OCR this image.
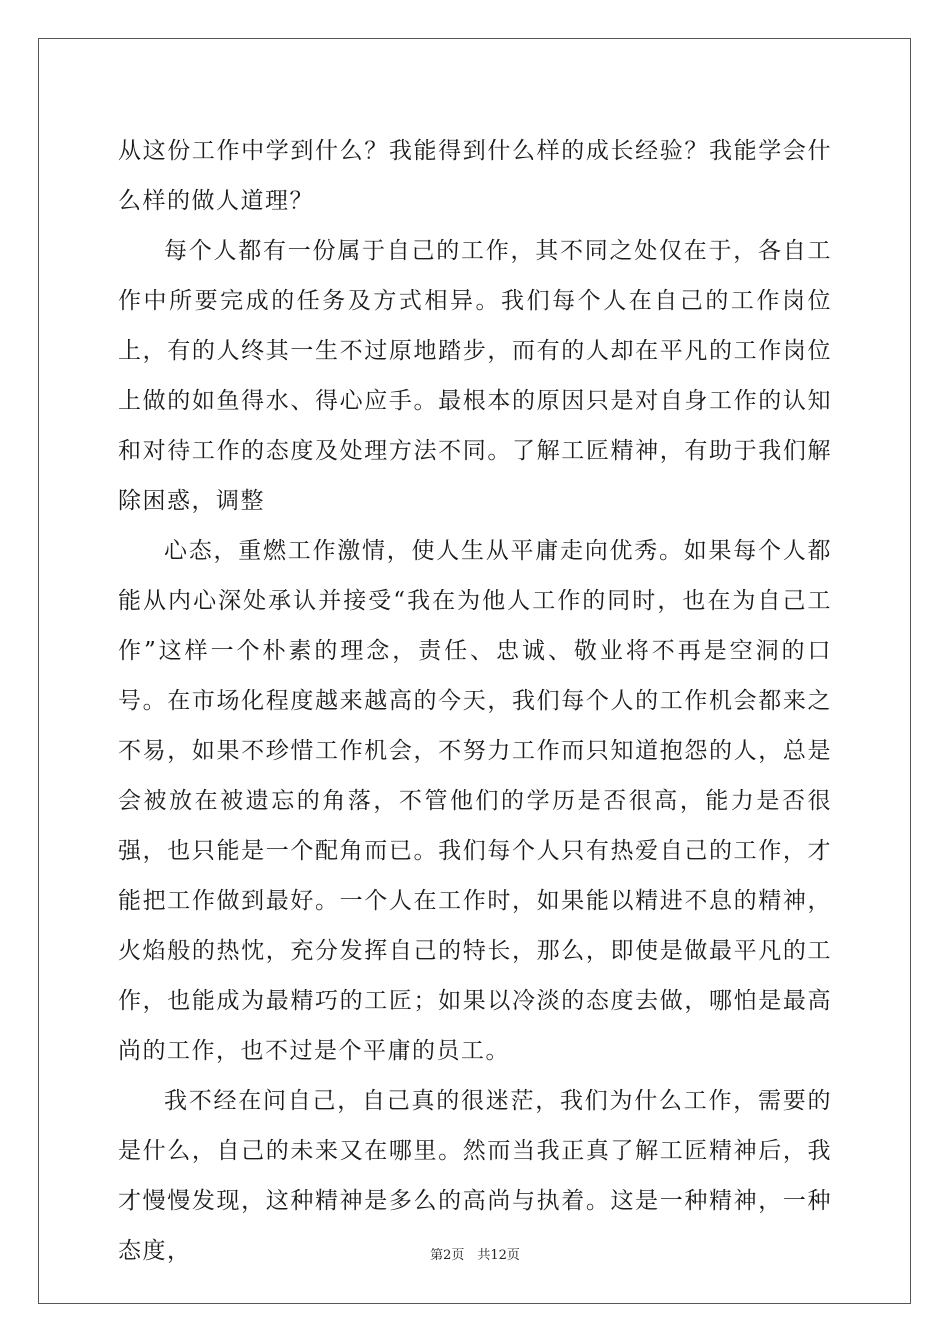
从这份工作中学到什么？我能得到什么样的成长经验？我能学会什么样的做人道理？

每个人都有一份属于自己的工作，其不同之处仅在于，各自工作中所要完成的任务及方式相异。我们每个人在自己的工作岗位上，有的人终其一生不过原地踏步，而有的人却在平凡的工作岗位上做的如鱼得水、得心应手。最根本的原因只是对自身工作的认知和对待工作的态度及处理方法不同。了解工匠精神，有助于我们解除困惑，调整

心态，重燃工作激情，使人生从平庸走向优秀。如果每个人都能从内心深处承认并接受“我在为他人工作的同时，也在为自己工作”这样一个朴素的理念，责任、忠诚、敬业将不再是空洞的口号。在市场化程度越来越高的今天，我们每个人的工作机会都来之不易，如果不珍惜工作机会，不努力工作而只知道抱怨的人，总是会被放在被遗忘的角落，不管他们的学历是否很高，能力是否很强，也只能是一个配角而已。我们每个人只有热爱自己的工作，才能把工作做到最好。一个人在工作时，如果能以精进不息的精神，火焰般的热忱，充分发挥自己的特长，那么，即使是做最平凡的工作，也能成为最精巧的工匠；如果以冷淡的态度去做，哪怕是最高尚的工作，也不过是个平庸的员工。

我不经在问自己，自己真的很迷茫，我们为什么工作，需要的是什么，自己的未来又在哪里。然而当我正真了解工匠精神后，我才慢慢发现，这种精神是多么的高尚与执着。这是一种精神，一种态度，	第2页　共12页
